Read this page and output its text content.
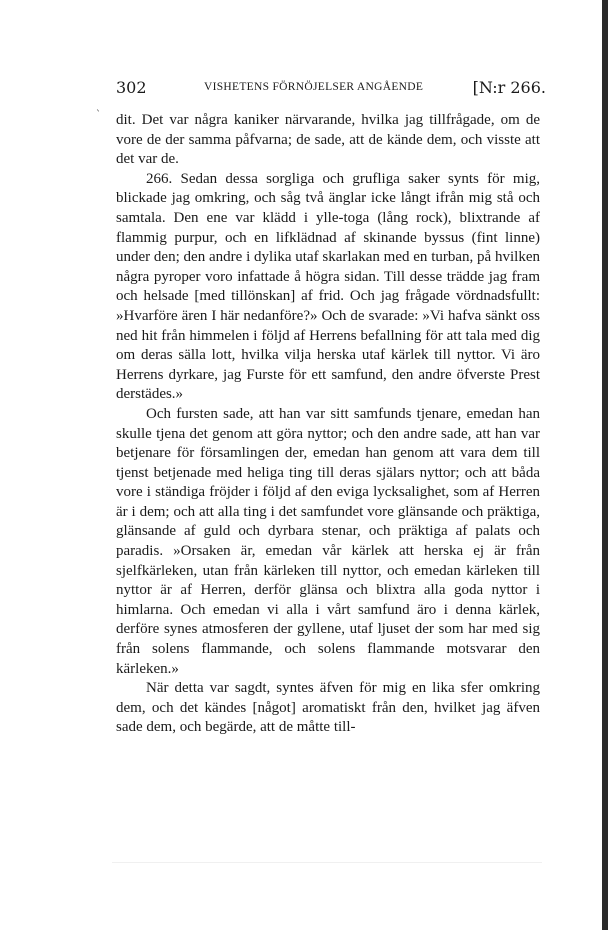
302	VISHETENS FÖRNÖJELSER ANGÅENDE	[N:r 266.
` dit. Det var några kaniker närvarande, hvilka jag tillfrågade, om de vore de der samma påfvarna; de sade, att de kände dem, och visste att det var de.

266. Sedan dessa sorgliga och grufliga saker synts för mig, blickade jag omkring, och såg två änglar icke långt ifrån mig stå och samtala. Den ene var klädd i ylle-toga (lång rock), blixtrande af flammig purpur, och en lifklädnad af skinande byssus (fint linne) under den; den andre i dylika utaf skarlakan med en turban, på hvilken några pyroper voro infattade å högra sidan. Till desse trädde jag fram och helsade [med tillönskan] af frid. Och jag frågade vördnadsfullt: »Hvarföre ären I här nedanföre?» Och de svarade: »Vi hafva sänkt oss ned hit från himmelen i följd af Herrens befallning för att tala med dig om deras sälla lott, hvilka vilja herska utaf kärlek till nyttor. Vi äro Herrens dyrkare, jag Furste för ett samfund, den andre öfverste Prest derstädes.»

Och fursten sade, att han var sitt samfunds tjenare, emedan han skulle tjena det genom att göra nyttor; och den andre sade, att han var betjenare för församlingen der, emedan han genom att vara dem till tjenst betjenade med heliga ting till deras själars nyttor; och att båda vore i ständiga fröjder i följd af den eviga lycksalighet, som af Herren är i dem; och att alla ting i det samfundet vore glänsande och präktiga, glänsande af guld och dyrbara stenar, och präktiga af palats och paradis. »Orsaken är, emedan vår kärlek att herska ej är från sjelfkärleken, utan från kärleken till nyttor, och emedan kärleken till nyttor är af Herren, derför glänsa och blixtra alla goda nyttor i himlarna. Och emedan vi alla i vårt samfund äro i denna kärlek, derföre synes atmosferen der gyllene, utaf ljuset der som har med sig från solens flammande, och solens flammande motsvarar den kärleken.»

När detta var sagdt, syntes äfven för mig en lika sfer omkring dem, och det kändes [något] aromatiskt från den, hvilket jag äfven sade dem, och begärde, att de måtte till-
